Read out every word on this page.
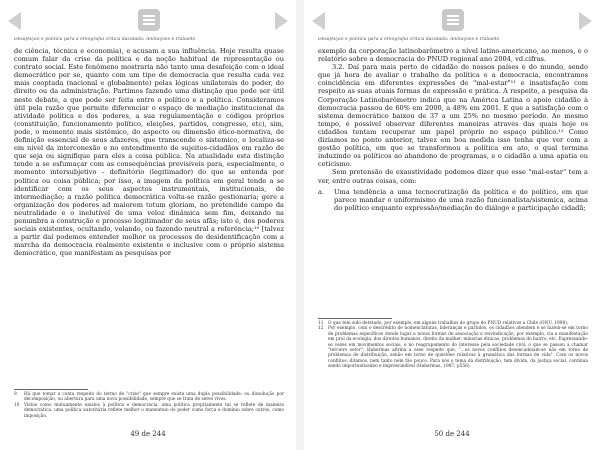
Desafeição e política para a etnografia crítica dacidadã: Anotações e trabalho

de ciência, técnica e economia), e acusam a sua influência. Hoje resulta quase comum falar da crise da política e da noção habitual de representação ou contrato social. Este fenômeno mostraria não tanto uma desafeição com o ideal democrático per se, quanto com um tipo de democracia que resulta cada vez mais cooptada (nacional e globalmente) pelas lógicas unilaterais do poder, do direito ou da administração. Partimos fazendo uma distinção que pode ser útil neste debate, a que pode ser feita entre o político e a política. Consideramos útil pela razão que permite diferenciar o espaço de mediação institucional da atividade política e dos poderes, a sua regulamentação e códigos próprios (constituição, funcionamento político, eleições, partidos, congresso, etc), sim, pode, o momento mais sistêmico, do aspecto ou dimensão ético-normativa, de definição essencial de seus afazeres, que transcende o sistemico, e localiza-se em nível da interconexão e no entendimento de sujeitos-cidadãos em razão de que seja ou signifique para eles a coisa pública. Na atualidade esta distinção tende a se esfumaçar com as consequências previsíveis para, especialmente, o momento intersubjetivo – definitório (legitimador) do que se entenda por política ou coisa pública; por isso, a imagem da política em geral tende a se identificar com os seus aspectos instrumentais, institucionais, de intermediação; a razão política democrática volta-se razão gestionaria; gere a organização dos poderes ad maiorem totum gloriam, no pretendido campo da neutralidade e o inelutível de uma veloz dinâmica sem fim, deixando na penumbra a construção e processo legitimador de seus afãs; isto é, dos poderes sociais existentes, ocultando, velando, ou fazendo neutral a referência;¹⁰ [talvez a partir daí podemos entender melhor os processos de desidentificação com a marcha da democracia realmente existente e inclusive com o próprio sistema democrático, que manifestam as pesquisas por

9	Há que tomar a conta respeito do termo de "crise" que sempre existe uma dupla possibilidade: ou dissolução por decomposição, ou abertura para uma nova possibilidade, sempre que se trata de seres vivos.
10	Vistos como mutuamente uníslos à política e democracia, uma política propriamente tal se reflete de maneira democrática, uma política autoritária reflete melhor o maneuteio do poder como força e domínio sobre outros, como imposição.
49 de 244
Desafeição e política para a etnografia crítica dacidadã: Anotações e trabalho

exemplo da corporação latinobarômetro a nível latino-americano, ao menos, e o relatório sobre a democracia do PNUD regional ano 2004, vd.cifras.

3.2. Daí para mais perto do cidadão de nossos países e do mundo, sendo que já hora de avaliar o trabalho da política e a democracia, encontramos coincidência em diferentes expressões de "mal-estar"¹¹ e insatisfação com respeito as suas atuais formas de expressão e prática. A respeito, a pesquisa da Corporação Latinobarômetro indica que na América Latina o apoio cidadão à democracia passou de 60% em 2000, a 48% em 2001. E que a satisfação com o sistema democrático baixou de 37 a um 25% no mesmo período. Ao mesmo tempo, é possível observar diferentes maneiras através das quais hoje os cidadãos tentam recuperar um papel próprio no espaço público.¹² Como dizíamos no ponto anterior, talvez em boa medida isso tenha que ver com a gestão política, em que se transformou a política em ato, o qual termina induzindo os políticos ao abandono de programas, e o cidadão a uma apatia ou ceticismo.

Sem pretensão de exaustividade podemos dizer que esse "mal-estar" tem a ver, entre outras coisas, com:

a.	Uma tendência a uma tecnocratização da política e do político, em que parece mandar o uniformismo de uma razão funcionalista/sistemica, acima do político enquanto expressão/mediação do diálogo e participação cidadã;
11	O que tem sido detetado, por exemplo, em alguns trabalhos do grupo do PNUD relativos a Chile (ONU, 1998).
12	Por exemplo, com o descrédito de nomenclaturas, lideranças e partidos, os cidadãos atendem e se fazem-se em torno de problemas específicos donde lugar a novas formas de associação e reivindicação, por exemplo, via a manifestação em prol da ecologia, dos direitos humanos, direito da mulher, minorias étnicas, problemas do bairro, etc. Expressando-se vezes em movimentos sociais, e no reagrupamento do interesse pela sociedade civil, o que se passou a chamar "terceiro setor". Habermas afirma a esse respeito que, "...os novos conflitos desencadeiam-se não em torno de problemas de distribuição, senão em torno de questões relativas à gramática das formas de vida". Com os novos conflitos, ditamos, nem tanto nem tão pouco. Para nós o tema da distribuição, tem dívida, da justiça social, continua sendo importantíssimo e imprescindível (Habermas, 1987, p556).
50 de 244
